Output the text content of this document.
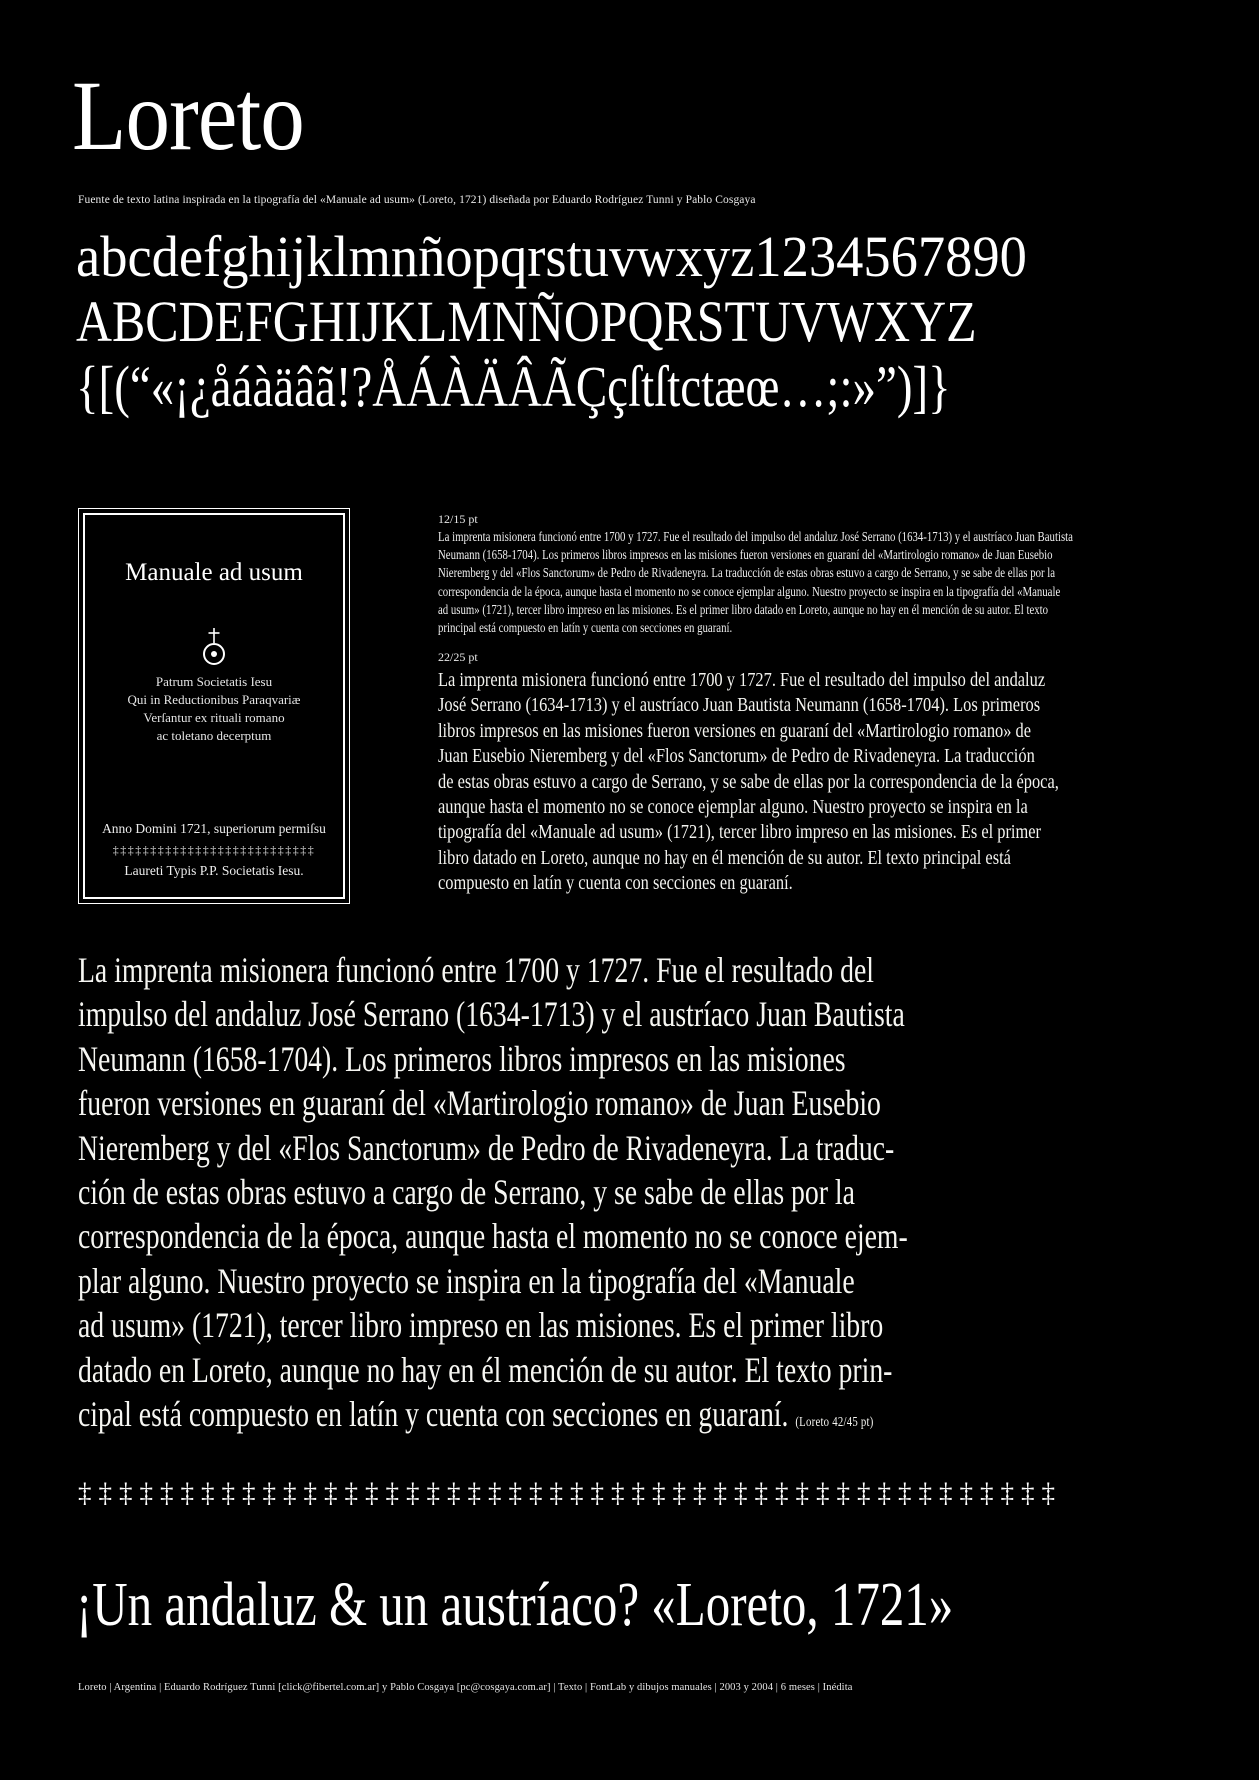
Loreto
Fuente de texto latina inspirada en la tipografía del «Manuale ad usum» (Loreto, 1721) diseñada por Eduardo Rodríguez Tunni y Pablo Cosgaya
abcdefghijklmnñopqrstuvwxyz1234567890
ABCDEFGHIJKLMNÑOPQRSTUVWXYZ
{[(“«¡¿åáàäâã!?ÅÁÀÄÂÃÇçſtſtctæœ…;:»”)]}
Manuale ad usum
Patrum Societatis Iesu
Qui in Reductionibus Paraqvariæ
Verſantur ex rituali romano
ac toletano decerptum
Anno Domini 1721, superiorum permiſsu
‡‡‡‡‡‡‡‡‡‡‡‡‡‡‡‡‡‡‡‡‡‡‡‡‡‡‡
Laureti Typis P.P. Societatis Iesu.
12/15 pt
La imprenta misionera funcionó entre 1700 y 1727. Fue el resultado del impulso del andaluz José Serrano (1634-1713) y el austríaco Juan Bautista
Neumann (1658-1704). Los primeros libros impresos en las misiones fueron versiones en guaraní del «Martirologio romano» de Juan Eusebio
Nieremberg y del «Flos Sanctorum» de Pedro de Rivadeneyra. La traducción de estas obras estuvo a cargo de Serrano, y se sabe de ellas por la
correspondencia de la época, aunque hasta el momento no se conoce ejemplar alguno. Nuestro proyecto se inspira en la tipografía del «Manuale
ad usum» (1721), tercer libro impreso en las misiones. Es el primer libro datado en Loreto, aunque no hay en él mención de su autor. El texto
principal está compuesto en latín y cuenta con secciones en guaraní.
22/25 pt
La imprenta misionera funcionó entre 1700 y 1727. Fue el resultado del impulso del andaluz
José Serrano (1634-1713) y el austríaco Juan Bautista Neumann (1658-1704). Los primeros
libros impresos en las misiones fueron versiones en guaraní del «Martirologio romano» de
Juan Eusebio Nieremberg y del «Flos Sanctorum» de Pedro de Rivadeneyra. La traducción
de estas obras estuvo a cargo de Serrano, y se sabe de ellas por la correspondencia de la época,
aunque hasta el momento no se conoce ejemplar alguno. Nuestro proyecto se inspira en la
tipografía del «Manuale ad usum» (1721), tercer libro impreso en las misiones. Es el primer
libro datado en Loreto, aunque no hay en él mención de su autor. El texto principal está
compuesto en latín y cuenta con secciones en guaraní.
La imprenta misionera funcionó entre 1700 y 1727. Fue el resultado del
impulso del andaluz José Serrano (1634-1713) y el austríaco Juan Bautista
Neumann (1658-1704). Los primeros libros impresos en las misiones
fueron versiones en guaraní del «Martirologio romano» de Juan Eusebio
Nieremberg y del «Flos Sanctorum» de Pedro de Rivadeneyra. La traduc-
ción de estas obras estuvo a cargo de Serrano, y se sabe de ellas por la
correspondencia de la época, aunque hasta el momento no se conoce ejem-
plar alguno. Nuestro proyecto se inspira en la tipografía del «Manuale
ad usum» (1721), tercer libro impreso en las misiones. Es el primer libro
datado en Loreto, aunque no hay en él mención de su autor. El texto prin-
cipal está compuesto en latín y cuenta con secciones en guaraní. (Loreto 42/45 pt)
‡‡‡‡‡‡‡‡‡‡‡‡‡‡‡‡‡‡‡‡‡‡‡‡‡‡‡‡‡‡‡‡‡‡‡‡‡‡‡‡‡‡‡‡‡‡‡‡
¡Un andaluz & un austríaco? «Loreto, 1721»
Loreto | Argentina | Eduardo Rodríguez Tunni [click@fibertel.com.ar] y Pablo Cosgaya [pc@cosgaya.com.ar] | Texto | FontLab y dibujos manuales | 2003 y 2004 | 6 meses | Inédita
